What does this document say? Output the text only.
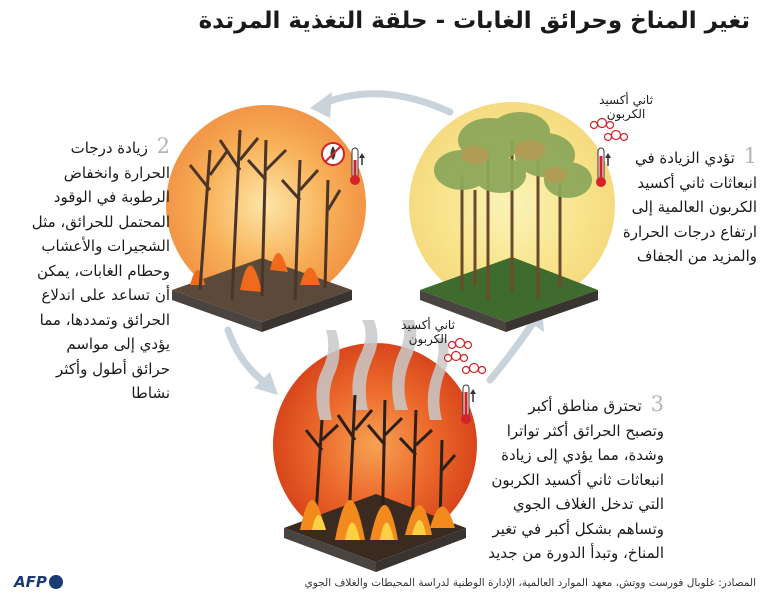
تغير المناخ وحرائق الغابات - حلقة التغذية المرتدة
ثاني أكسيد الكربون
ثاني أكسيد الكربون
1 تؤدي الزيادة في انبعاثات ثاني أكسيد الكربون العالمية إلى ارتفاع درجات الحرارة والمزيد من الجفاف
2 زيادة درجات الحرارة وانخفاض الرطوبة في الوقود المحتمل للحرائق، مثل الشجيرات والأعشاب وحطام الغابات، يمكن أن تساعد على اندلاع الحرائق وتمددها، مما يؤدي إلى مواسم حرائق أطول وأكثر نشاطا	3 تحترق مناطق أكبر وتصبح الحرائق أكثر تواترا وشدة، مما يؤدي إلى زيادة انبعاثات ثاني أكسيد الكربون التي تدخل الغلاف الجوي وتساهم بشكل أكبر في تغير المناخ، وتبدأ الدورة من جديد
AFP	المصادر: غلوبال فورست ووتش، معهد الموارد العالمية، الإدارة الوطنية لدراسة المحيطات والغلاف الجوي
